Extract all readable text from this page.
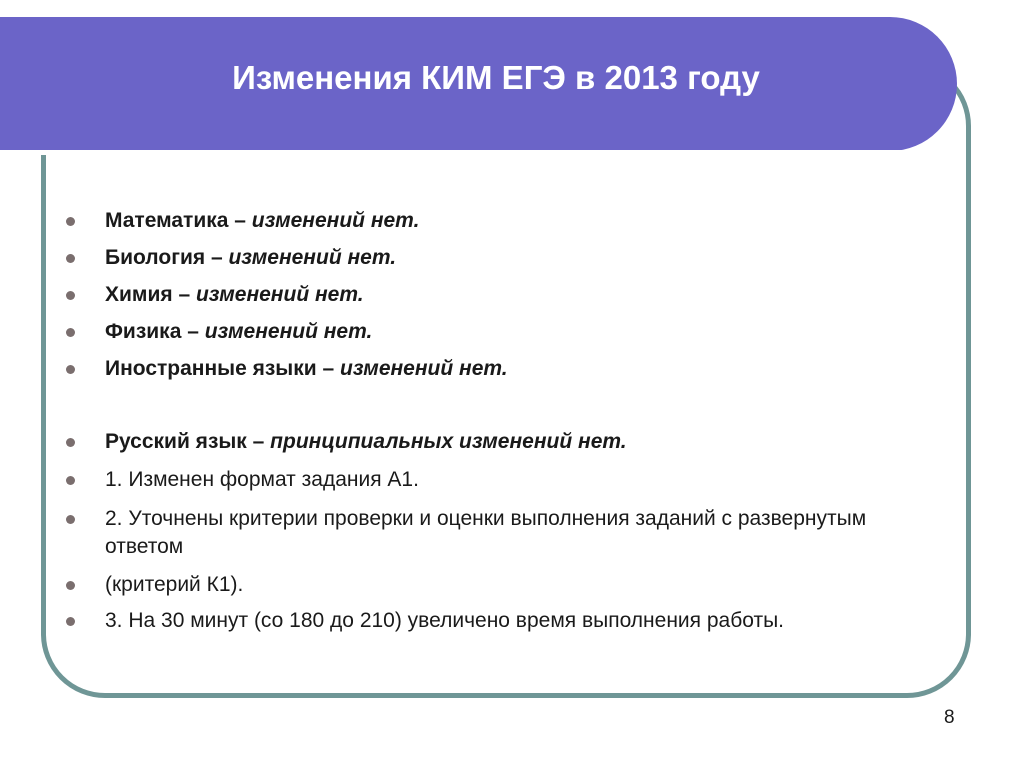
Изменения КИМ ЕГЭ в 2013 году
Математика – изменений нет.
Биология – изменений нет.
Химия – изменений нет.
Физика – изменений нет.
Иностранные языки – изменений нет.
Русский язык – принципиальных изменений нет.
1. Изменен формат задания А1.
2. Уточнены критерии проверки и оценки выполнения заданий с развернутым ответом
(критерий К1).
3. На 30 минут (со 180 до 210) увеличено время выполнения работы.
8
